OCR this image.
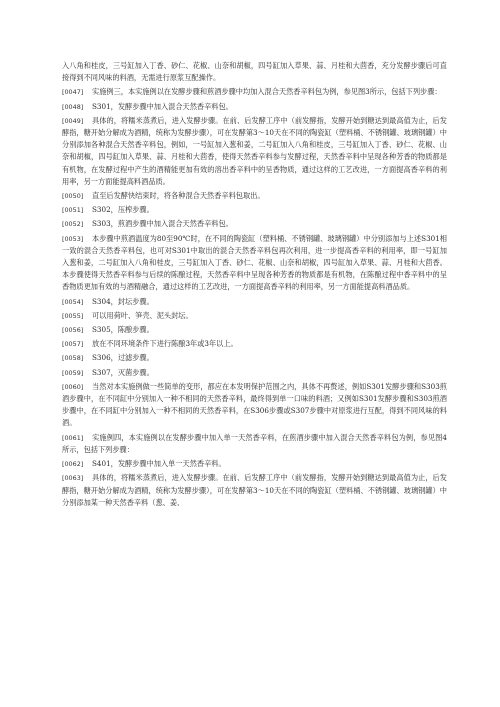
入八角和桂皮，三号缸加入丁香、砂仁、花椒、山奈和胡椒，四号缸加入草果、蒜、月桂和大茴香，充分发酵步骤后可直接得到不同风味的料酒，无需进行原浆互配操作。

[0047] 实施例三，本实施例以在发酵步骤和煎酒步骤中均加入混合天然香辛料包为例，参见图3所示，包括下列步骤：

[0048] S301，发酵步骤中加入混合天然香辛料包。

[0049] 具体的，将糯米蒸煮后，进入发酵步骤。在前、后发酵工序中（前发酵指，发酵开始到糖达到最高值为止，后发酵指，糖开始分解成为酒精，统称为发酵步骤），可在发酵第3～10天在不同的陶瓷缸（塑料桶、不锈钢罐、玻璃钢罐）中分别添加各种混合天然香辛料包，例如，一号缸加入葱和姜，二号缸加入八角和桂皮，三号缸加入丁香、砂仁、花椒、山奈和胡椒，四号缸加入草果、蒜、月桂和大茴香，使得天然香辛料参与发酵过程，天然香辛料中呈现各种芳香的物质都是有机物，在发酵过程中产生的酒精能更加有效的溶出香辛料中的呈香物质，通过这样的工艺改进，一方面提高香辛料的利用率，另一方面能提高料酒品质。

[0050] 直至后发酵快结束时，将各种混合天然香辛料包取出。

[0051] S302，压榨步骤。

[0052] S303，煎酒步骤中加入混合天然香辛料包。

[0053] 本步骤中煎酒温度为80至90℃时，在不同的陶瓷缸（塑料桶、不锈钢罐、玻璃钢罐）中分别添加与上述S301相一致的混合天然香辛料包，也可对S301中取出的混合天然香辛料包再次利用，进一步提高香辛料的利用率，即一号缸加入葱和姜，二号缸加入八角和桂皮，三号缸加入丁香、砂仁、花椒、山奈和胡椒，四号缸加入草果、蒜、月桂和大茴香。本步骤使得天然香辛料参与后续的陈酿过程，天然香辛料中呈现各种芳香的物质都是有机物，在陈酿过程中香辛料中的呈香物质更加有效的与酒精融合，通过这样的工艺改进，一方面提高香辛料的利用率，另一方面能提高料酒品质。

[0054] S304，封坛步骤。

[0055] 可以用荷叶、笋壳、泥头封坛。

[0056] S305，陈酿步骤。

[0057] 放在不同环境条件下进行陈酿3年或3年以上。

[0058] S306，过滤步骤。

[0059] S307，灭菌步骤。

[0060] 当然对本实施例做一些简单的变形，都应在本发明保护范围之内，具体不再赘述，例如S301发酵步骤和S303煎酒步骤中，在不同缸中分别加入一种不相同的天然香辛料，最终得到单一口味的料酒；又例如S301发酵步骤和S303煎酒步骤中，在不同缸中分别加入一种不相同的天然香辛料，在S306步骤或S307步骤中对原浆进行互配，得到不同风味的料酒。

[0061] 实施例四，本实施例以在发酵步骤中加入单一天然香辛料，在煎酒步骤中加入混合天然香辛料包为例，参见图4所示，包括下列步骤：

[0062] S401，发酵步骤中加入单一天然香辛料。

[0063] 具体的，将糯米蒸煮后，进入发酵步骤。在前、后发酵工序中（前发酵指，发酵开始到糖达到最高值为止，后发酵指，糖开始分解成为酒精，统称为发酵步骤），可在发酵第3～10天在不同的陶瓷缸（塑料桶、不锈钢罐、玻璃钢罐）中分别添加某一种天然香辛料（葱、姜、
